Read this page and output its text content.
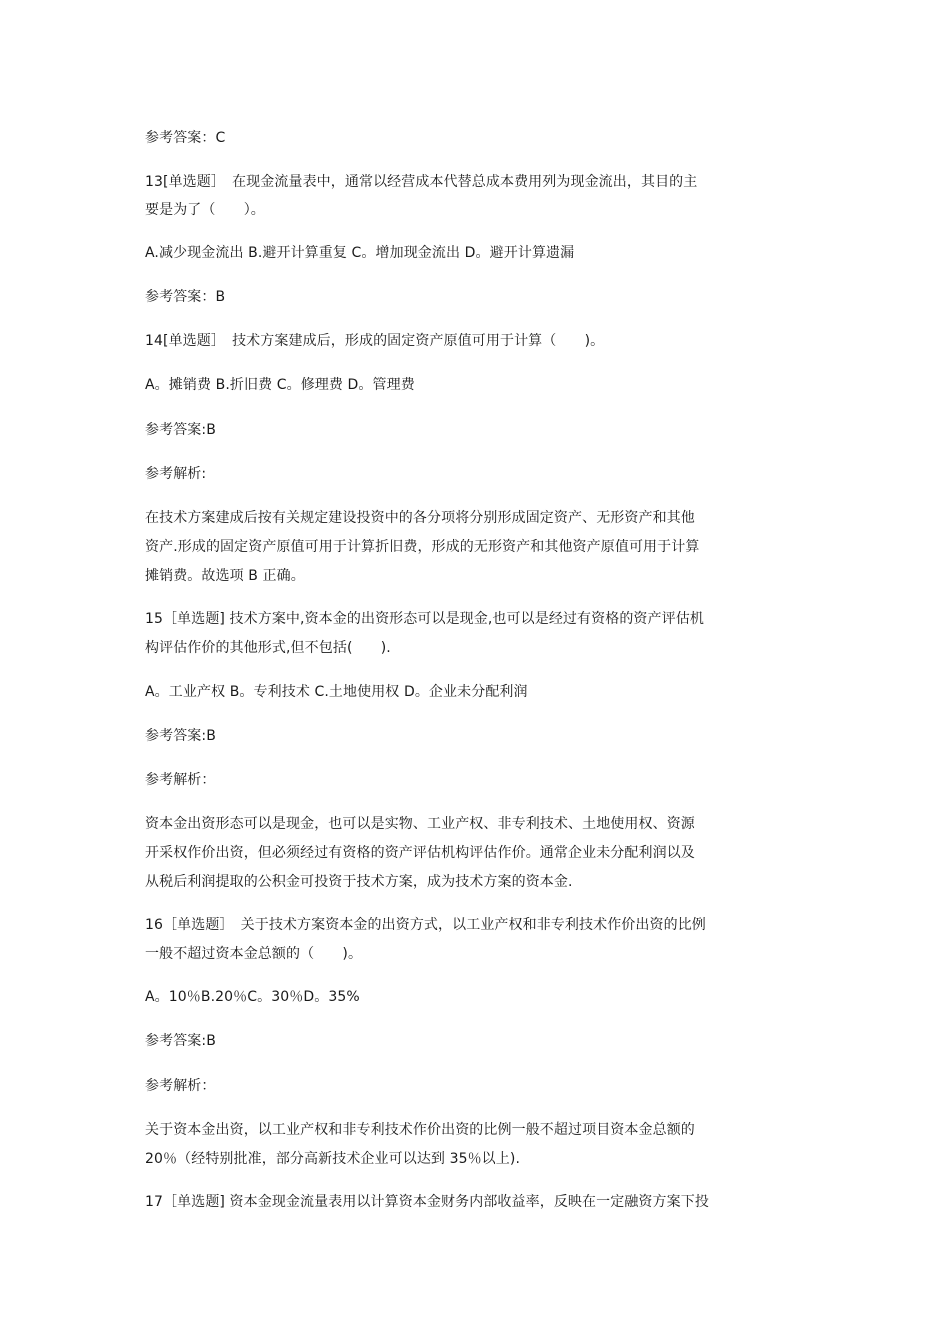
参考答案：C
13[单选题］　在现金流量表中，通常以经营成本代替总成本费用列为现金流出，其目的主
要是为了（　　）。
A.减少现金流出 B.避开计算重复 C。增加现金流出 D。避开计算遗漏
参考答案：B
14[单选题］　技术方案建成后，形成的固定资产原值可用于计算（　　)。
A。摊销费 B.折旧费 C。修理费 D。管理费
参考答案:B
参考解析:
在技术方案建成后按有关规定建设投资中的各分项将分别形成固定资产、无形资产和其他
资产.形成的固定资产原值可用于计算折旧费，形成的无形资产和其他资产原值可用于计算
摊销费。故选项 B 正确。
15［单选题] 技术方案中,资本金的出资形态可以是现金,也可以是经过有资格的资产评估机
构评估作价的其他形式,但不包括(　　).
A。工业产权 B。专利技术 C.土地使用权 D。企业未分配利润
参考答案:B
参考解析：
资本金出资形态可以是现金，也可以是实物、工业产权、非专利技术、土地使用权、资源
开采权作价出资，但必须经过有资格的资产评估机构评估作价。通常企业未分配利润以及
从税后利润提取的公积金可投资于技术方案，成为技术方案的资本金.
16［单选题］　关于技术方案资本金的出资方式，以工业产权和非专利技术作价出资的比例
一般不超过资本金总额的（　　)。
A。10％B.20％C。30％D。35%
参考答案:B
参考解析：
关于资本金出资，以工业产权和非专利技术作价出资的比例一般不超过项目资本金总额的
20％（经特别批准，部分高新技术企业可以达到 35％以上).
17［单选题] 资本金现金流量表用以计算资本金财务内部收益率，反映在一定融资方案下投
